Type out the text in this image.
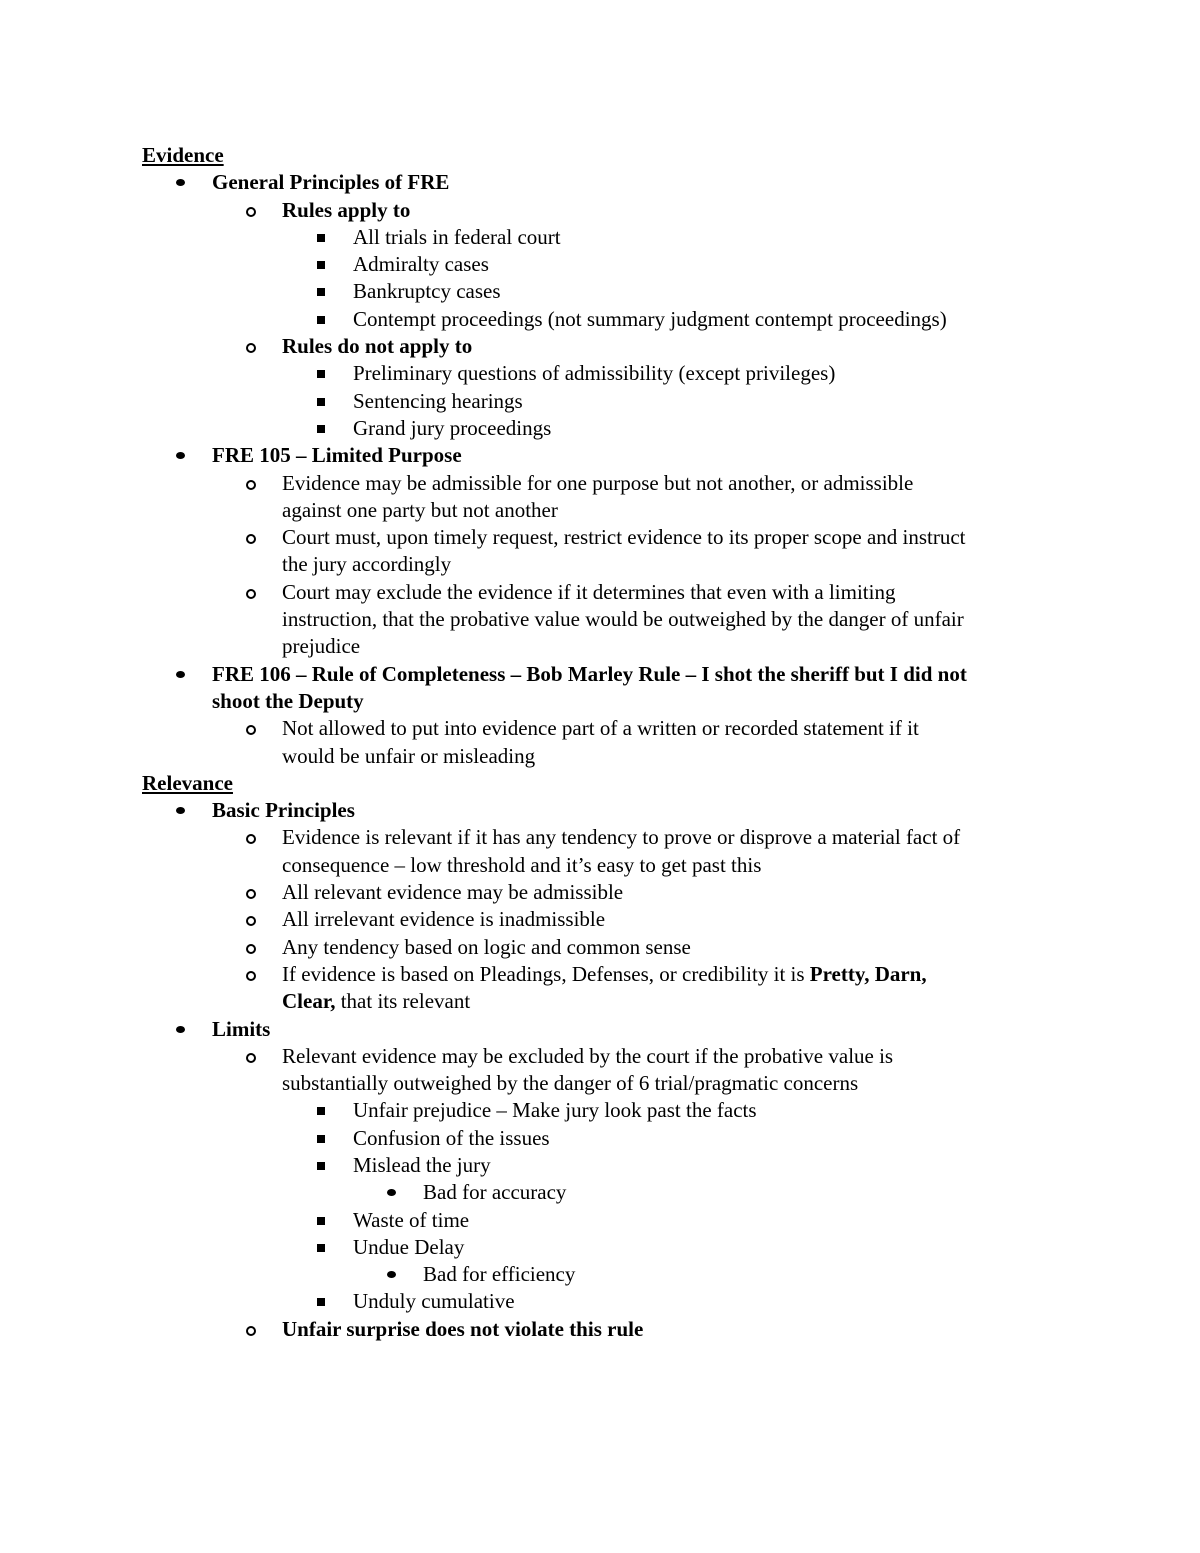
Evidence
General Principles of FRE
Rules apply to
All trials in federal court
Admiralty cases
Bankruptcy cases
Contempt proceedings (not summary judgment contempt proceedings)
Rules do not apply to
Preliminary questions of admissibility (except privileges)
Sentencing hearings
Grand jury proceedings
FRE 105 – Limited Purpose
Evidence may be admissible for one purpose but not another, or admissible
against one party but not another
Court must, upon timely request, restrict evidence to its proper scope and instruct
the jury accordingly
Court may exclude the evidence if it determines that even with a limiting
instruction, that the probative value would be outweighed by the danger of unfair
prejudice
FRE 106 – Rule of Completeness – Bob Marley Rule – I shot the sheriff but I did not
shoot the Deputy
Not allowed to put into evidence part of a written or recorded statement if it
would be unfair or misleading
Relevance
Basic Principles
Evidence is relevant if it has any tendency to prove or disprove a material fact of
consequence – low threshold and it’s easy to get past this
All relevant evidence may be admissible
All irrelevant evidence is inadmissible
Any tendency based on logic and common sense
If evidence is based on Pleadings, Defenses, or credibility it is Pretty, Darn,
Clear, that its relevant
Limits
Relevant evidence may be excluded by the court if the probative value is
substantially outweighed by the danger of 6 trial/pragmatic concerns
Unfair prejudice – Make jury look past the facts
Confusion of the issues
Mislead the jury
Bad for accuracy
Waste of time
Undue Delay
Bad for efficiency
Unduly cumulative
Unfair surprise does not violate this rule
